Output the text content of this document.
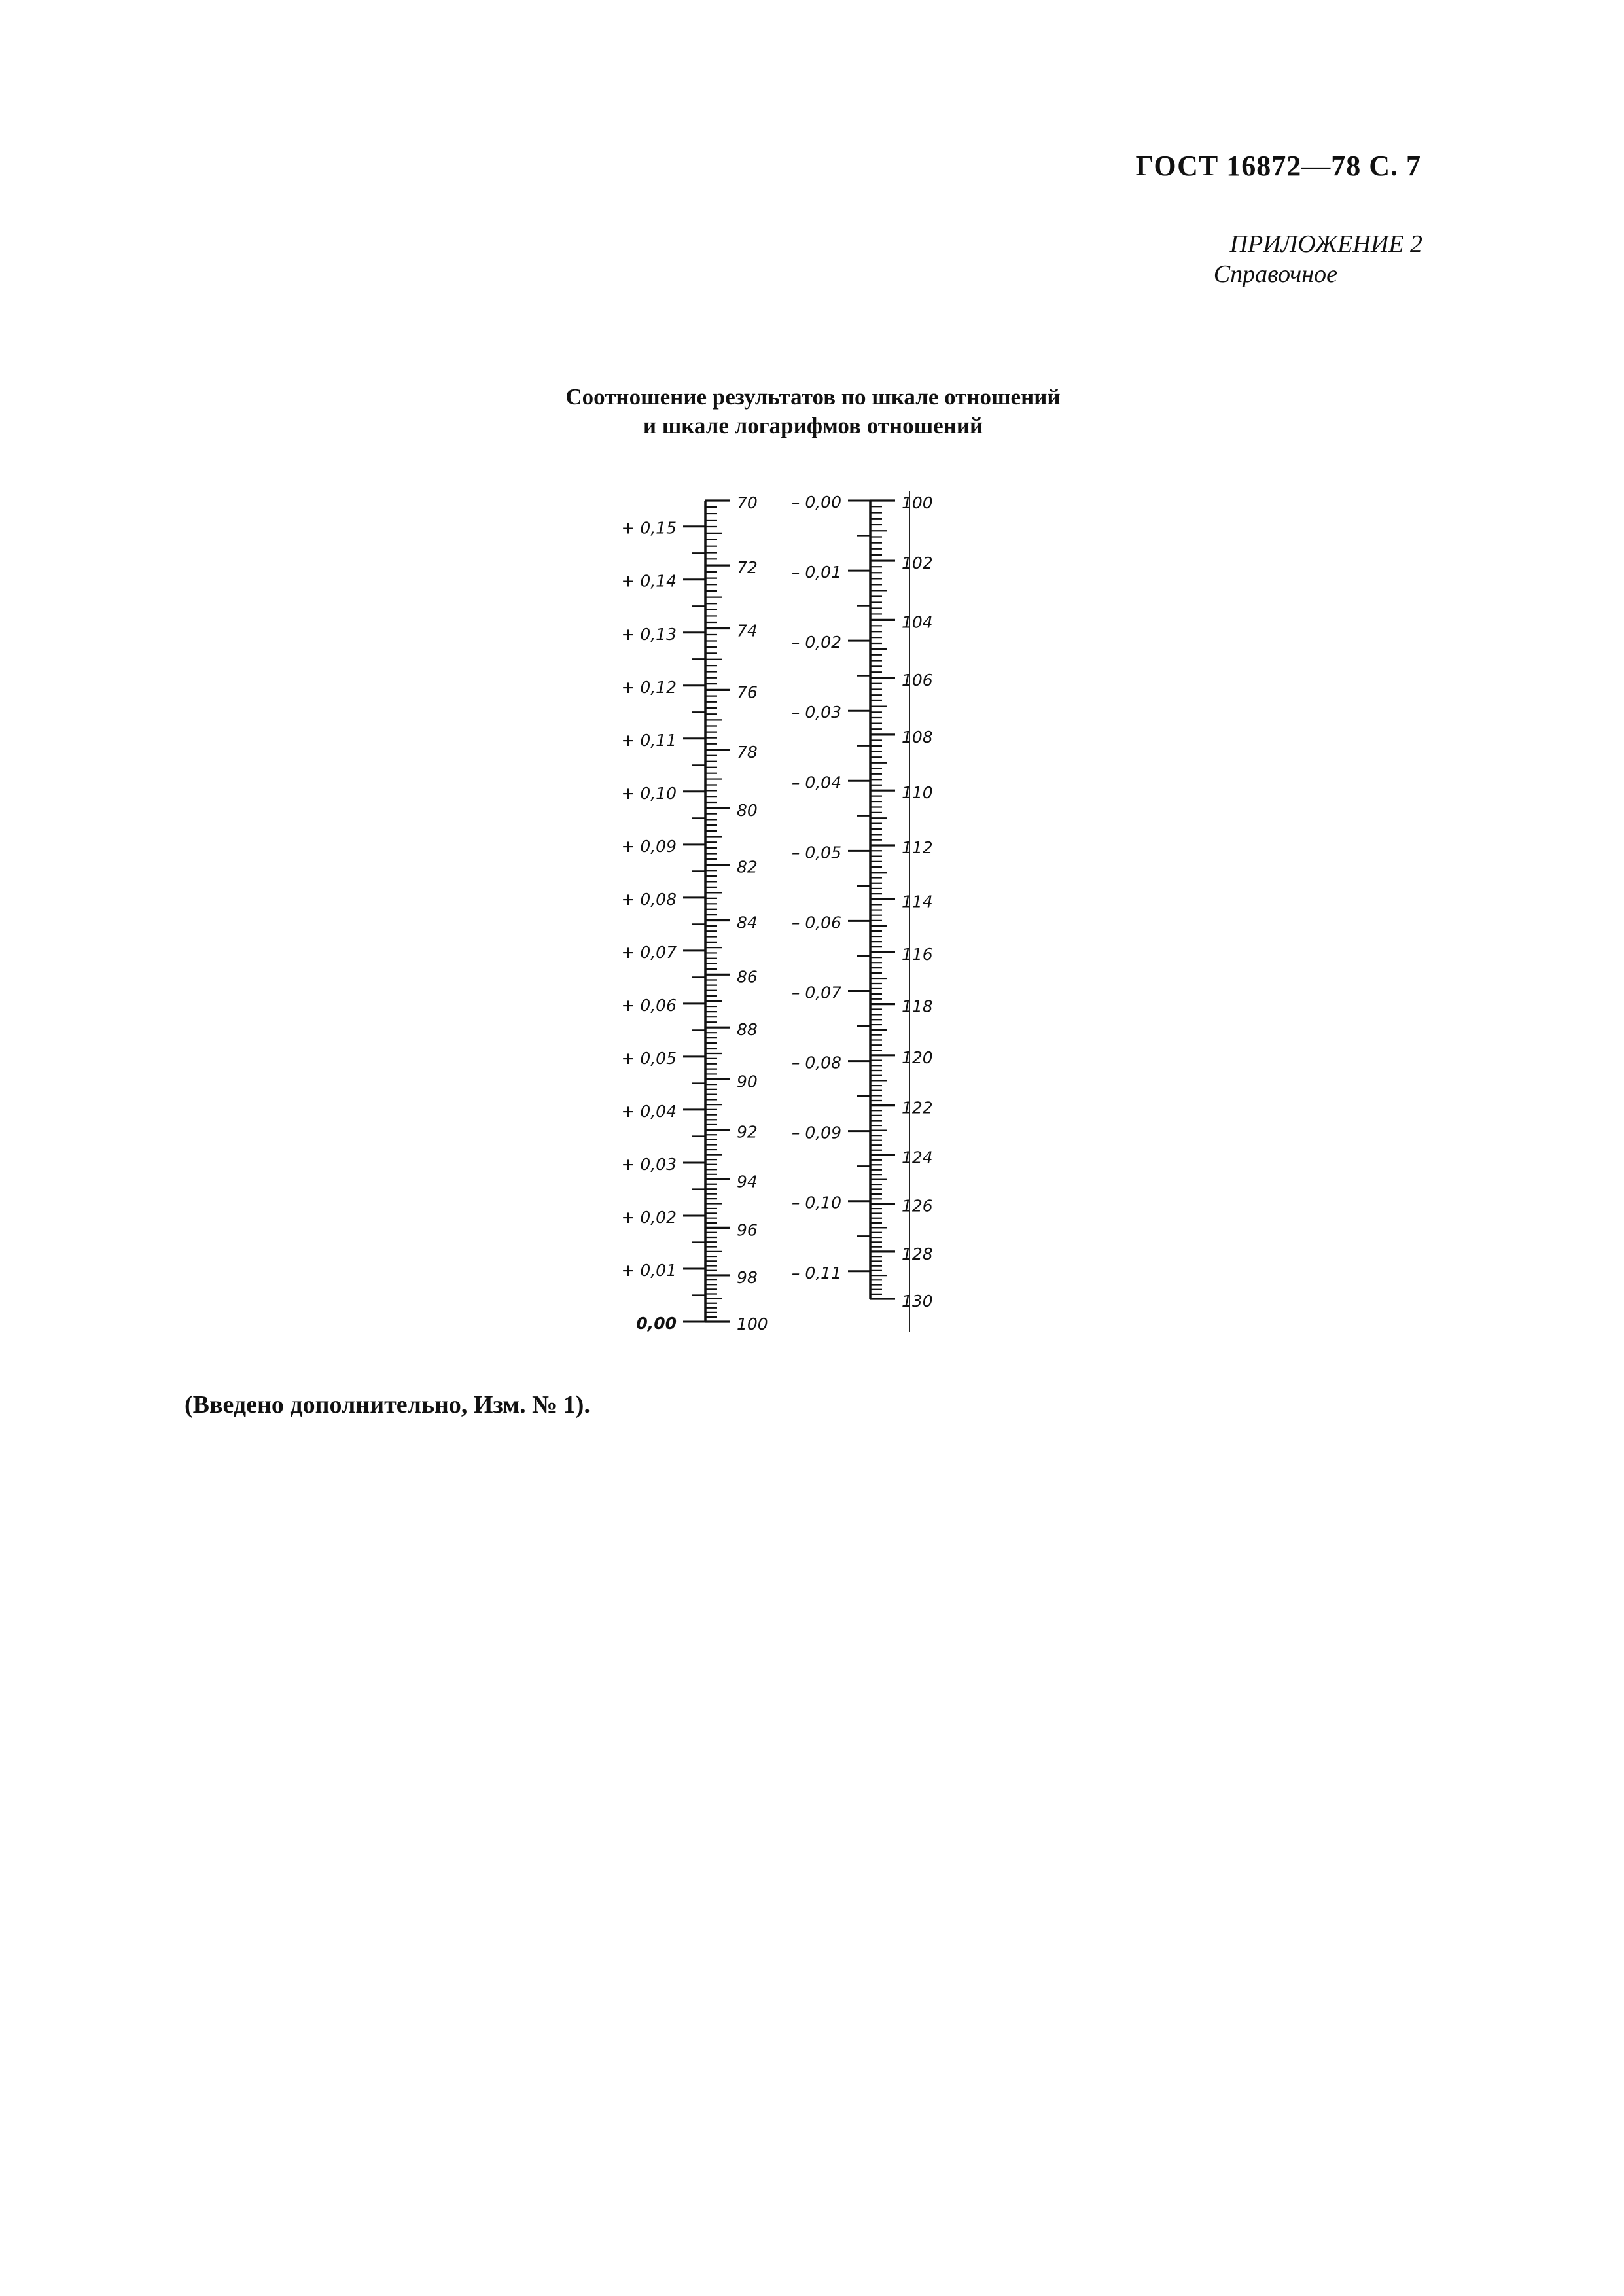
ГОСТ 16872—78 С. 7
ПРИЛОЖЕНИЕ 2
Справочное
Соотношение результатов по шкале отношений
и шкале логарифмов отношений
70
72
74
76
78
80
82
84
86
88
90
92
94
96
98
100
+ 0,15
+ 0,14
+ 0,13
+ 0,12
+ 0,11
+ 0,10
+ 0,09
+ 0,08
+ 0,07
+ 0,06
+ 0,05
+ 0,04
+ 0,03
+ 0,02
+ 0,01
0,00
100
102
104
106
108
110
112
114
116
118
120
122
124
126
128
130
– 0,00
– 0,01
– 0,02
– 0,03
– 0,04
– 0,05
– 0,06
– 0,07
– 0,08
– 0,09
– 0,10
– 0,11
(Введено дополнительно, Изм. № 1).
